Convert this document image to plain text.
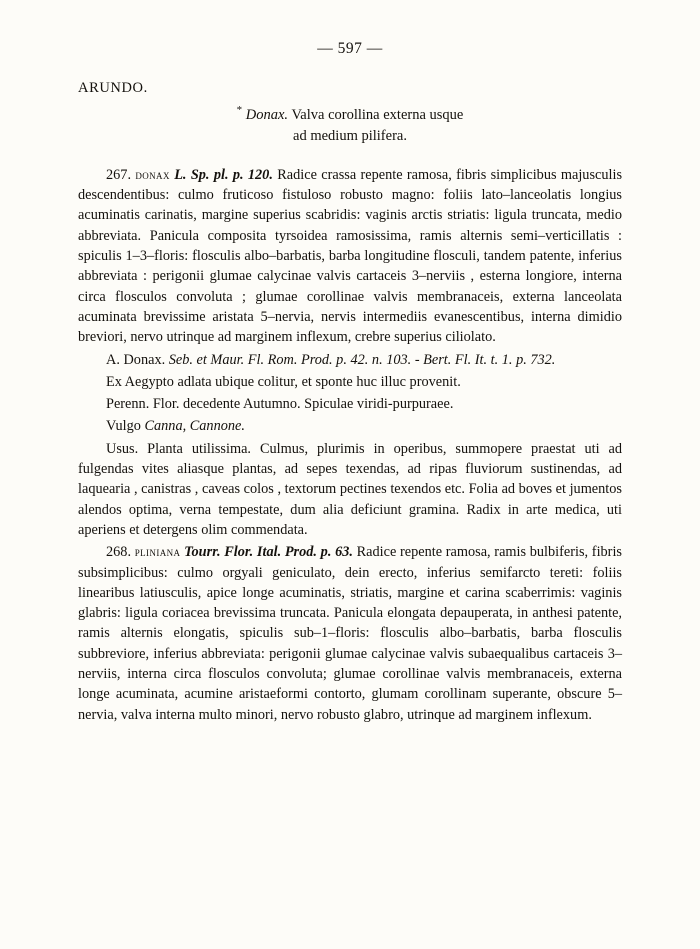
— 597 —
ARUNDO.
* Donax. Valva corollina externa usque
ad medium pilifera.

267. donax L. Sp. pl. p. 120. Radice crassa repente ramosa, fibris simplicibus majusculis descendentibus: culmo fruticoso fistuloso robusto magno: foliis lato–lanceolatis longius acuminatis carinatis, margine superius scabridis: vaginis arctis striatis: ligula truncata, medio abbreviata. Panicula composita tyrsoidea ramosissima, ramis alternis semi–verticillatis : spiculis 1–3–floris: flosculis albo–barbatis, barba longitudine flosculi, tandem patente, inferius abbreviata : perigonii glumae calycinae valvis cartaceis 3–nerviis , esterna longiore, interna circa flosculos convoluta ; glumae corollinae valvis membranaceis, externa lanceolata acuminata brevissime aristata 5–nervia, nervis intermediis evanescentibus, interna dimidio breviori, nervo utrinque ad marginem inflexum, crebre superius ciliolato.

A. Donax. Seb. et Maur. Fl. Rom. Prod. p. 42. n. 103. - Bert. Fl. It. t. 1. p. 732.

Ex Aegypto adlata ubique colitur, et sponte huc illuc provenit.

Perenn. Flor. decedente Autumno. Spiculae viridi-purpuraee.

Vulgo Canna, Cannone.

Usus. Planta utilissima. Culmus, plurimis in operibus, summopere praestat uti ad fulgendas vites aliasque plantas, ad sepes texendas, ad ripas fluviorum sustinendas, ad laquearia , canistras , caveas colos , textorum pectines texendos etc. Folia ad boves et jumentos alendos optima, verna tempestate, dum alia deficiunt gramina. Radix in arte medica, uti aperiens et detergens olim commendata.

268. pliniana Tourr. Flor. Ital. Prod. p. 63. Radice repente ramosa, ramis bulbiferis, fibris subsimplicibus: culmo orgyali geniculato, dein erecto, inferius semifarcto tereti: foliis linearibus latiusculis, apice longe acuminatis, striatis, margine et carina scaberrimis: vaginis glabris: ligula coriacea brevissima truncata. Panicula elongata depauperata, in anthesi patente, ramis alternis elongatis, spiculis sub–1–floris: flosculis albo–barbatis, barba flosculis subbreviore, inferius abbreviata: perigonii glumae calycinae valvis subaequalibus cartaceis 3–nerviis, interna circa flosculos convoluta; glumae corollinae valvis membranaceis, externa longe acuminata, acumine aristaeformi contorto, glumam corollinam superante, obscure 5–nervia, valva interna multo minori, nervo robusto glabro, utrinque ad marginem inflexum.
